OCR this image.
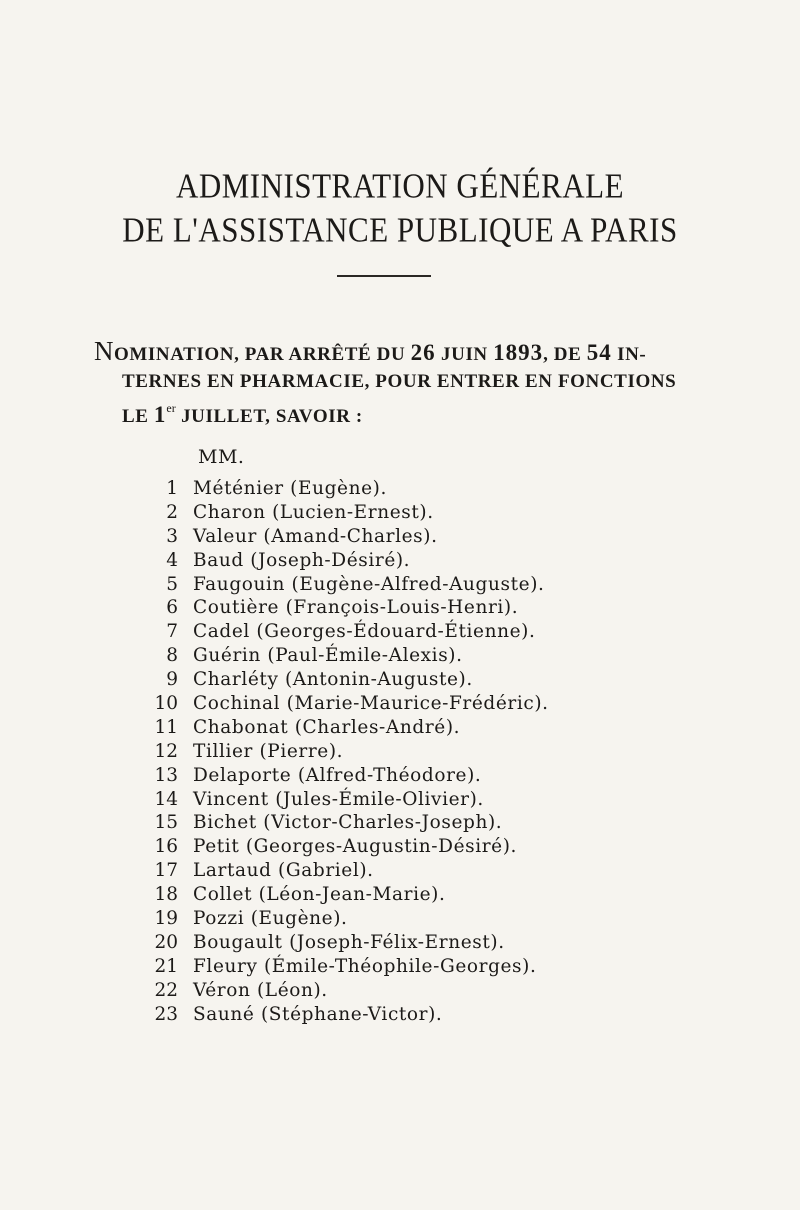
ADMINISTRATION GÉNÉRALE
DE L'ASSISTANCE PUBLIQUE A PARIS
NOMINATION, PAR ARRÊTÉ DU 26 JUIN 1893, DE 54 IN-
TERNES EN PHARMACIE, POUR ENTRER EN FONCTIONS
LE 1er JUILLET, SAVOIR :
MM.
1 Méténier (Eugène).
2 Charon (Lucien-Ernest).
3 Valeur (Amand-Charles).
4 Baud (Joseph-Désiré).
5 Faugouin (Eugène-Alfred-Auguste).
6 Coutière (François-Louis-Henri).
7 Cadel (Georges-Édouard-Étienne).
8 Guérin (Paul-Émile-Alexis).
9 Charléty (Antonin-Auguste).
10 Cochinal (Marie-Maurice-Frédéric).
11 Chabonat (Charles-André).
12 Tillier (Pierre).
13 Delaporte (Alfred-Théodore).
14 Vincent (Jules-Émile-Olivier).
15 Bichet (Victor-Charles-Joseph).
16 Petit (Georges-Augustin-Désiré).
17 Lartaud (Gabriel).
18 Collet (Léon-Jean-Marie).
19 Pozzi (Eugène).
20 Bougault (Joseph-Félix-Ernest).
21 Fleury (Émile-Théophile-Georges).
22 Véron (Léon).
23 Sauné (Stéphane-Victor).
